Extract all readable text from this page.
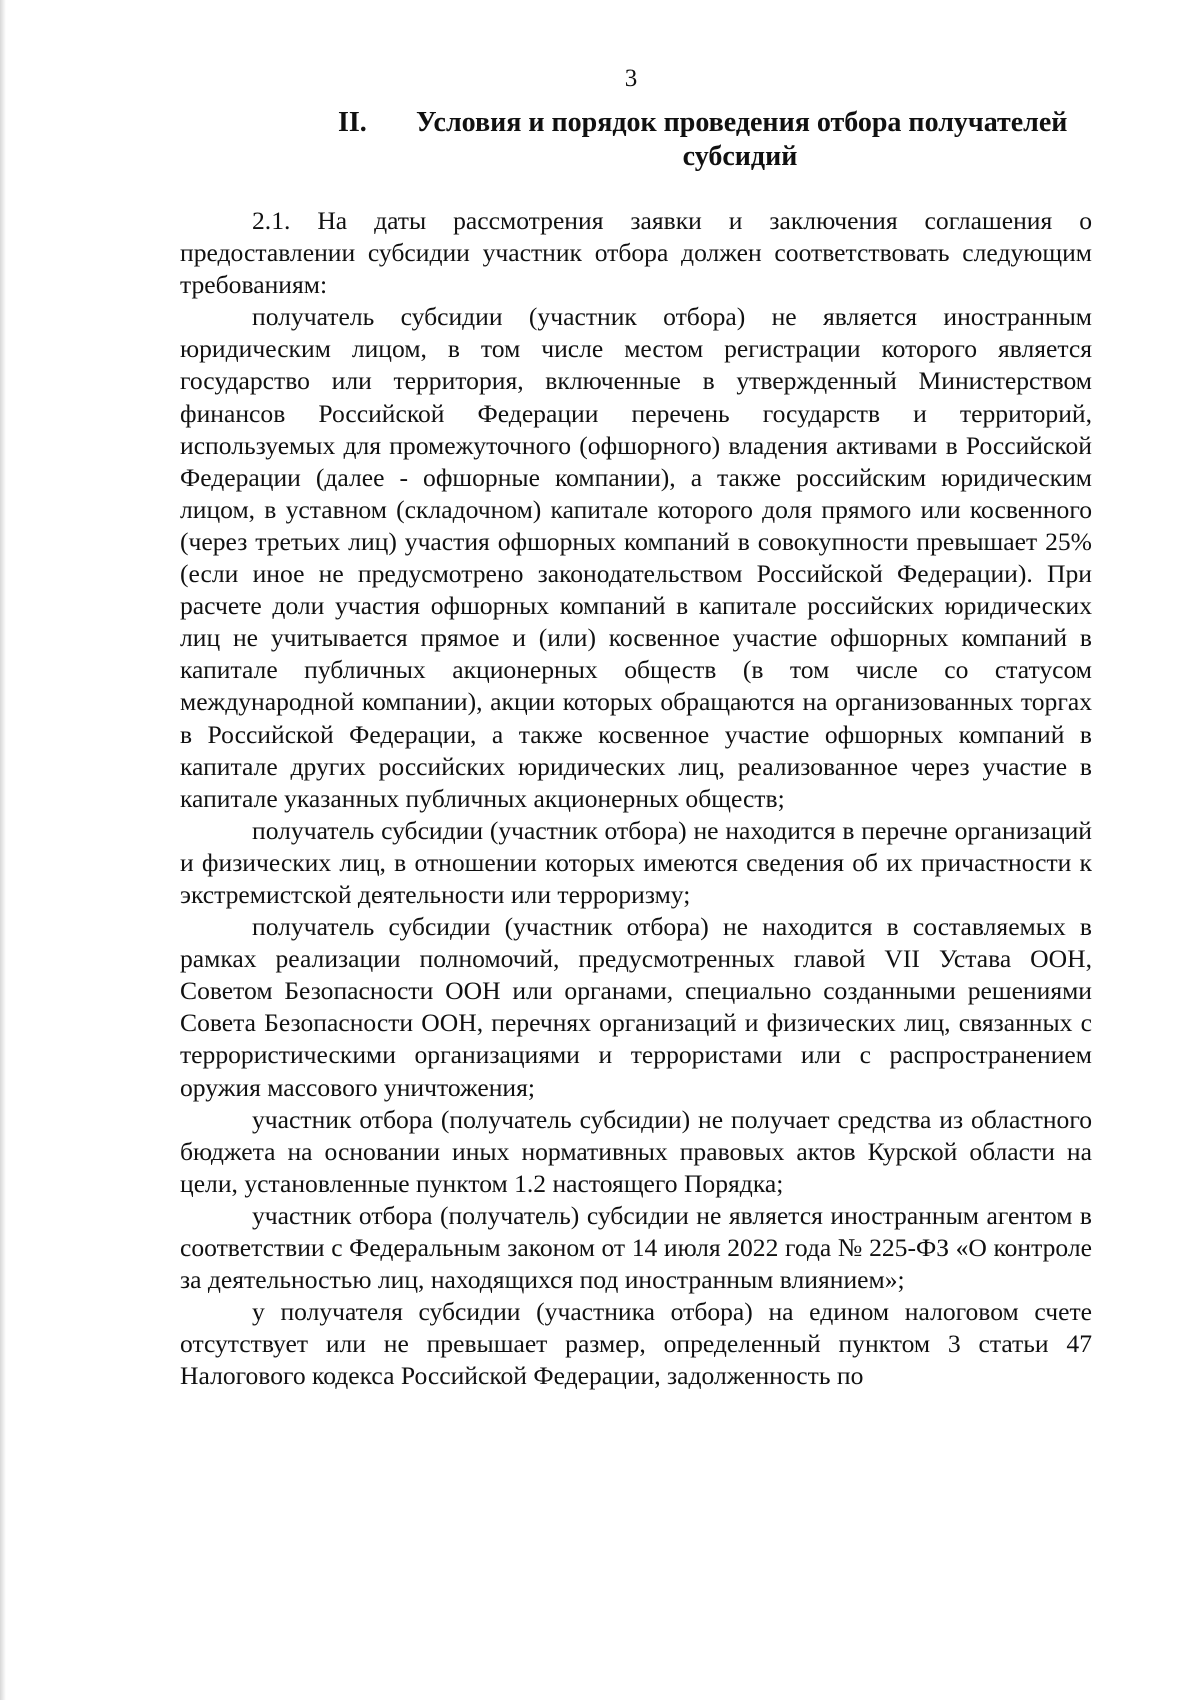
3
II.	Условия и порядок проведения отбора получателей
субсидий

2.1. На даты рассмотрения заявки и заключения соглашения о предоставлении субсидии участник отбора должен соответствовать следующим требованиям:

получатель субсидии (участник отбора) не является иностранным юридическим лицом, в том числе местом регистрации которого является государство или территория, включенные в утвержденный Министерством финансов Российской Федерации перечень государств и территорий, используемых для промежуточного (офшорного) владения активами в Российской Федерации (далее - офшорные компании), а также российским юридическим лицом, в уставном (складочном) капитале которого доля прямого или косвенного (через третьих лиц) участия офшорных компаний в совокупности превышает 25% (если иное не предусмотрено законодательством Российской Федерации). При расчете доли участия офшорных компаний в капитале российских юридических лиц не учитывается прямое и (или) косвенное участие офшорных компаний в капитале публичных акционерных обществ (в том числе со статусом международной компании), акции которых обращаются на организованных торгах в Российской Федерации, а также косвенное участие офшорных компаний в капитале других российских юридических лиц, реализованное через участие в капитале указанных публичных акционерных обществ;

получатель субсидии (участник отбора) не находится в перечне организаций и физических лиц, в отношении которых имеются сведения об их причастности к экстремистской деятельности или терроризму;

получатель субсидии (участник отбора) не находится в составляемых в рамках реализации полномочий, предусмотренных главой VII Устава ООН, Советом Безопасности ООН или органами, специально созданными решениями Совета Безопасности ООН, перечнях организаций и физических лиц, связанных с террористическими организациями и террористами или с распространением оружия массового уничтожения;

участник отбора (получатель субсидии) не получает средства из областного бюджета на основании иных нормативных правовых актов Курской области на цели, установленные пунктом 1.2 настоящего Порядка;

участник отбора (получатель) субсидии не является иностранным агентом в соответствии с Федеральным законом от 14 июля 2022 года № 225-ФЗ «О контроле за деятельностью лиц, находящихся под иностранным влиянием»;

у получателя субсидии (участника отбора) на едином налоговом счете отсутствует или не превышает размер, определенный пунктом 3 статьи 47 Налогового кодекса Российской Федерации, задолженность по
